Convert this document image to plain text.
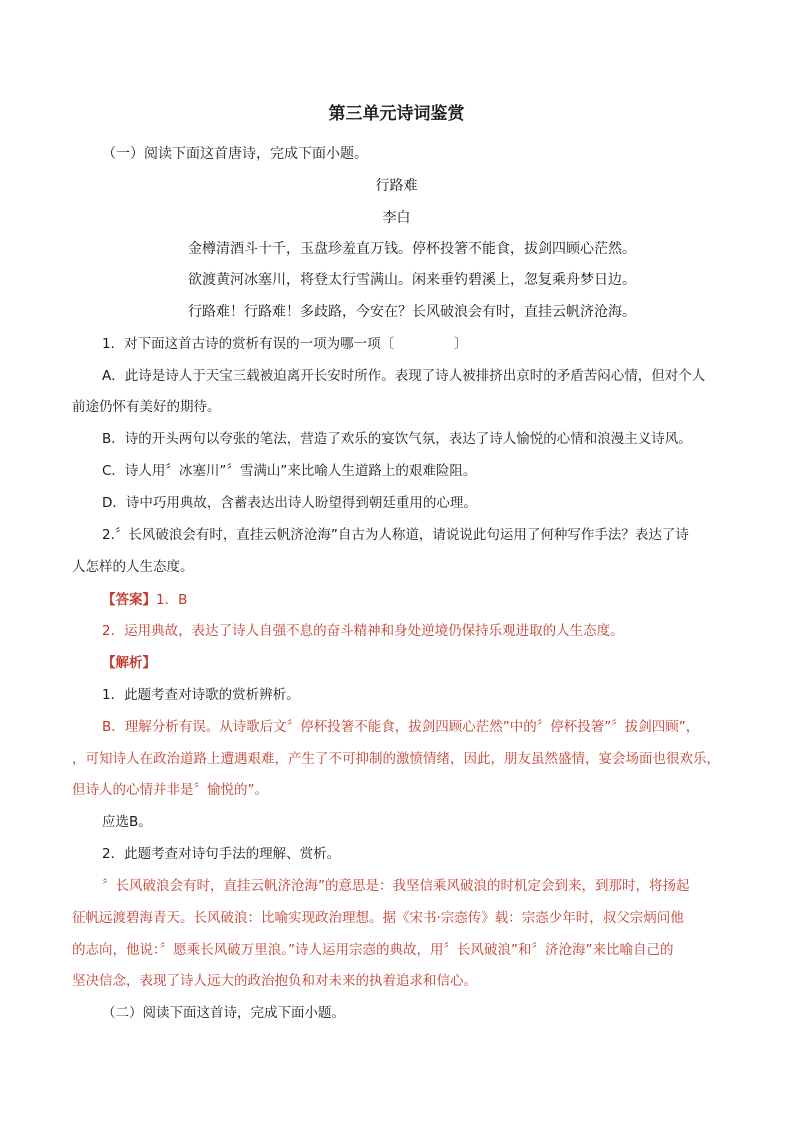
第三单元诗词鉴赏
（一）阅读下面这首唐诗，完成下面小题。
行路难
李白
金樽清酒斗十千，玉盘珍羞直万钱。停杯投箸不能食，拔剑四顾心茫然。
欲渡黄河冰塞川，将登太行雪满山。闲来垂钓碧溪上，忽复乘舟梦日边。
行路难！行路难！多歧路，今安在？长风破浪会有时，直挂云帆济沧海。
1．对下面这首古诗的赏析有误的一项为哪一项〔	〕
A．此诗是诗人于天宝三载被迫离开长安时所作。表现了诗人被排挤出京时的矛盾苦闷心情，但对个人
前途仍怀有美好的期待。
B．诗的开头两句以夸张的笔法，营造了欢乐的宴饮气氛，表达了诗人愉悦的心情和浪漫主义诗风。
C．诗人用〞冰塞川”〞雪满山”来比喻人生道路上的艰难险阻。
D．诗中巧用典故，含蓄表达出诗人盼望得到朝廷重用的心理。
2.〞长风破浪会有时，直挂云帆济沧海”自古为人称道，请说说此句运用了何种写作手法？表达了诗
人怎样的人生态度。
【答案】1．B
2．运用典故，表达了诗人自强不息的奋斗精神和身处逆境仍保持乐观进取的人生态度。
【解析】
1．此题考查对诗歌的赏析辨析。
B．理解分析有误。从诗歌后文〞停杯投箸不能食，拔剑四顾心茫然”中的〞停杯投箸”〞拔剑四顾”，
，可知诗人在政治道路上遭遇艰难，产生了不可抑制的激愤情绪，因此，朋友虽然盛情，宴会场面也很欢乐，
但诗人的心情并非是〞愉悦的”。
应选B。
2．此题考查对诗句手法的理解、赏析。
〞长风破浪会有时，直挂云帆济沧海”的意思是：我坚信乘风破浪的时机定会到来，到那时，将扬起
征帆远渡碧海青天。长风破浪：比喻实现政治理想。据《宋书·宗悫传》载：宗悫少年时，叔父宗炳问他
的志向，他说：〞愿乘长风破万里浪。”诗人运用宗悫的典故，用〞长风破浪”和〞济沧海”来比喻自己的
坚决信念，表现了诗人远大的政治抱负和对未来的执着追求和信心。
（二）阅读下面这首诗，完成下面小题。
